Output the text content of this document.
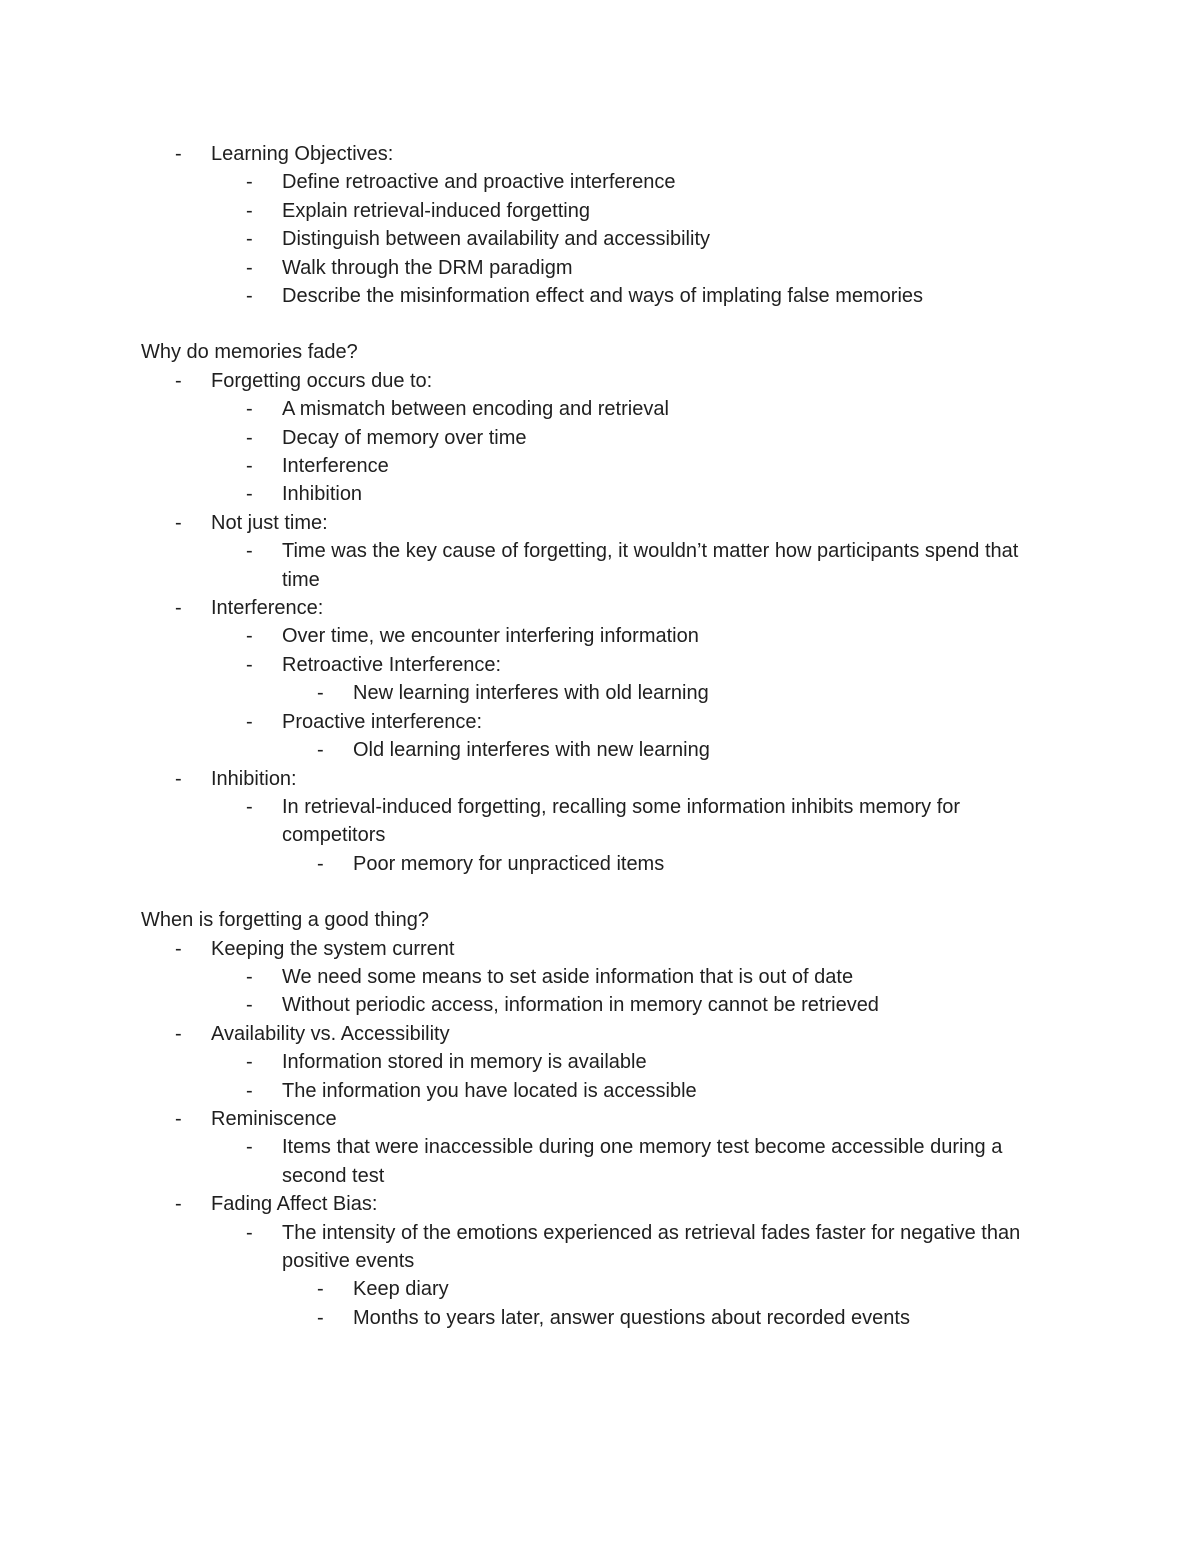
- Learning Objectives:
- Define retroactive and proactive interference
- Explain retrieval-induced forgetting
- Distinguish between availability and accessibility
- Walk through the DRM paradigm
- Describe the misinformation effect and ways of implating false memories

Why do memories fade?

- Forgetting occurs due to:
- A mismatch between encoding and retrieval
- Decay of memory over time
- Interference
- Inhibition
- Not just time:
- Time was the key cause of forgetting, it wouldn’t matter how participants spend that time
- Interference:
- Over time, we encounter interfering information
- Retroactive Interference:
- New learning interferes with old learning
- Proactive interference:
- Old learning interferes with new learning
- Inhibition:
- In retrieval-induced forgetting, recalling some information inhibits memory for competitors
- Poor memory for unpracticed items

When is forgetting a good thing?

- Keeping the system current
- We need some means to set aside information that is out of date
- Without periodic access, information in memory cannot be retrieved
- Availability vs. Accessibility
- Information stored in memory is available
- The information you have located is accessible
- Reminiscence
- Items that were inaccessible during one memory test become accessible during a second test
- Fading Affect Bias:
- The intensity of the emotions experienced as retrieval fades faster for negative than positive events
- Keep diary
- Months to years later, answer questions about recorded events
